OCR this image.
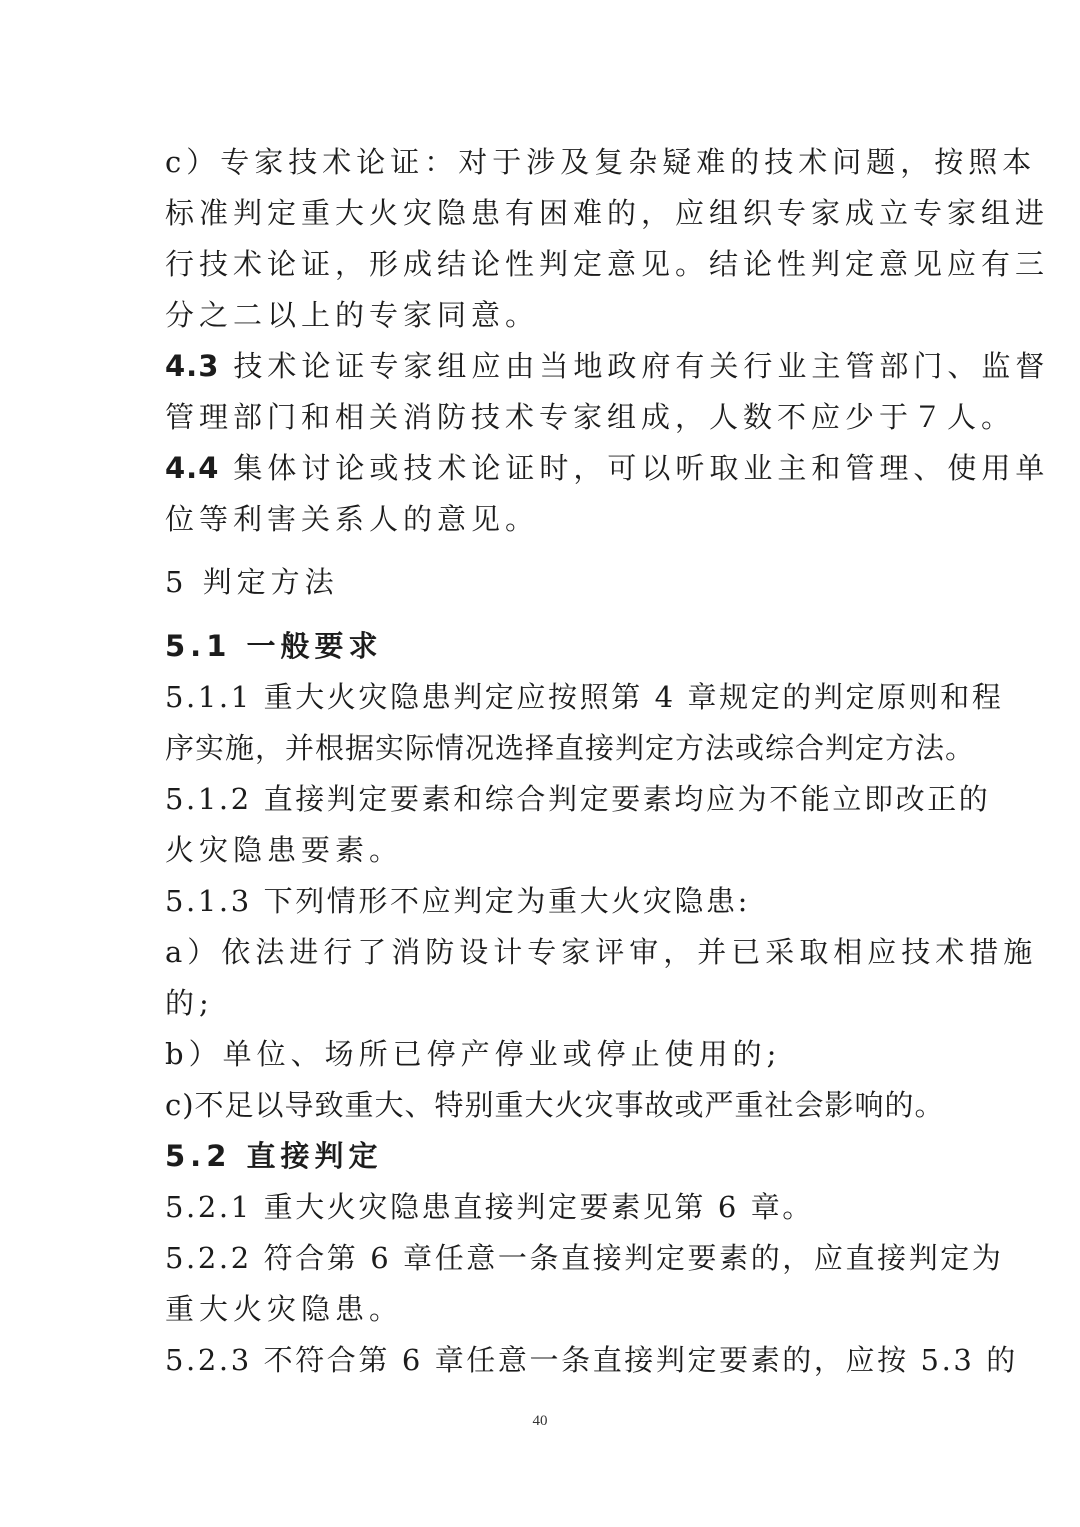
c）专家技术论证：对于涉及复杂疑难的技术问题，按照本
标准判定重大火灾隐患有困难的，应组织专家成立专家组进
行技术论证，形成结论性判定意见。结论性判定意见应有三
分之二以上的专家同意。
4.3 技术论证专家组应由当地政府有关行业主管部门、监督
管理部门和相关消防技术专家组成，人数不应少于７人。
4.4 集体讨论或技术论证时，可以听取业主和管理、使用单
位等利害关系人的意见。
5 判定方法
5.1 一般要求
5.1.1 重大火灾隐患判定应按照第 4 章规定的判定原则和程
序实施，并根据实际情况选择直接判定方法或综合判定方法。
5.1.2 直接判定要素和综合判定要素均应为不能立即改正的
火灾隐患要素。
5.1.3 下列情形不应判定为重大火灾隐患:
a）依法进行了消防设计专家评审，并已采取相应技术措施
的;
b）单位、场所已停产停业或停止使用的;
c)不足以导致重大、特别重大火灾事故或严重社会影响的。
5.2 直接判定
5.2.1 重大火灾隐患直接判定要素见第 6 章。
5.2.2 符合第 6 章任意一条直接判定要素的，应直接判定为
重大火灾隐患。
5.2.3 不符合第 6 章任意一条直接判定要素的，应按 5.3 的
40
